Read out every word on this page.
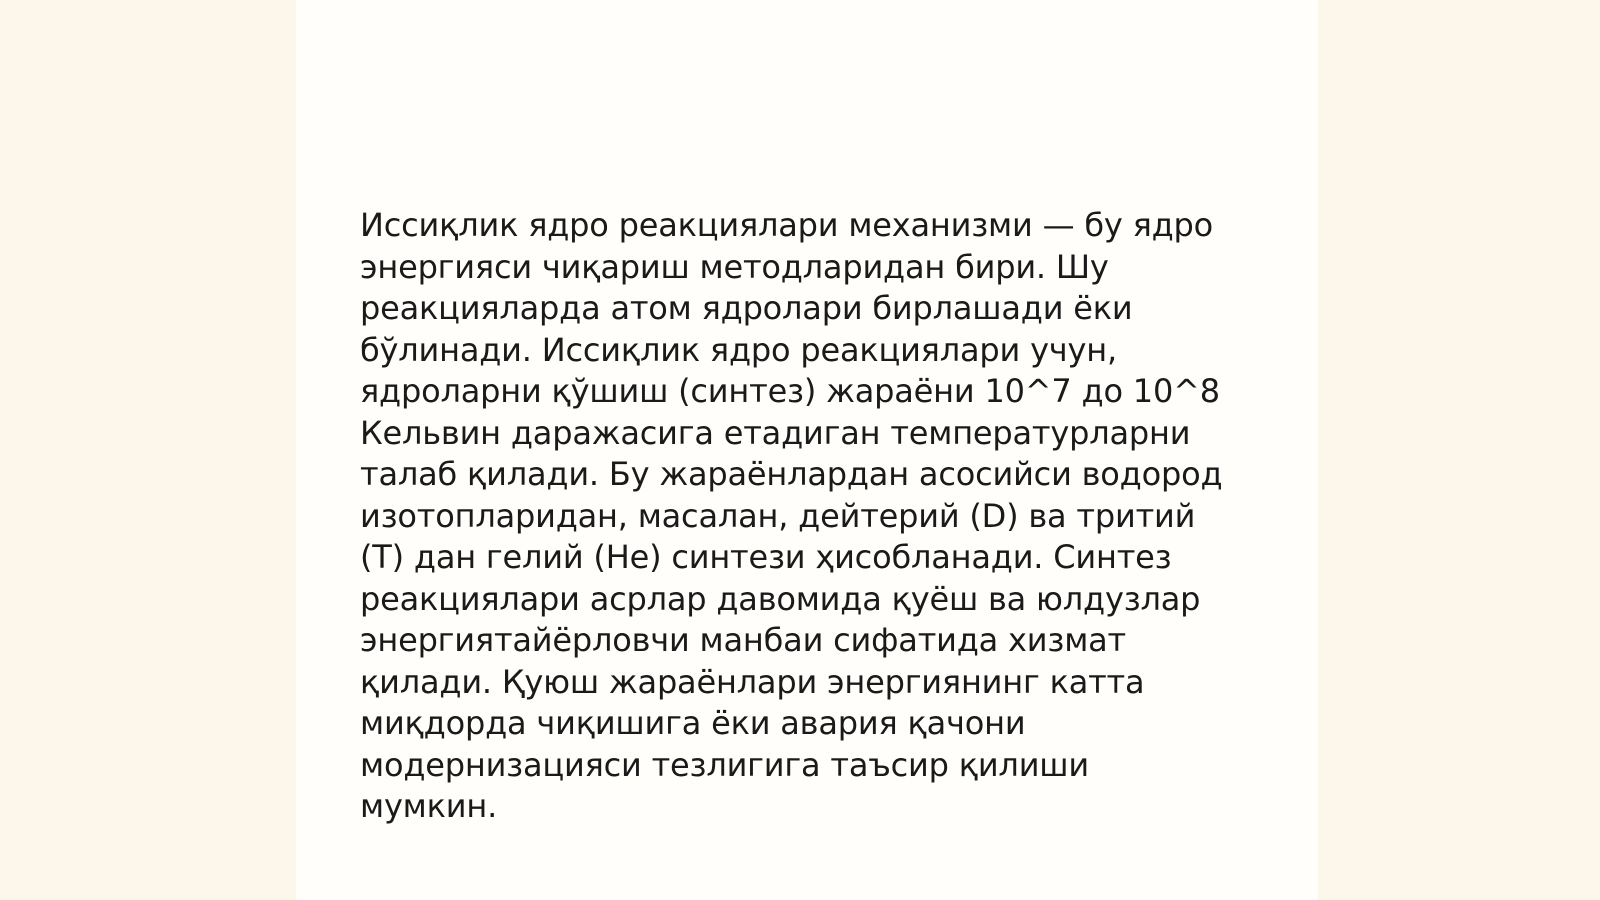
Иссиқлик ядро реакциялари механизми — бу ядро
энергияси чиқариш методларидан бири. Шу
реакцияларда атом ядролари бирлашади ёки
бўлинади. Иссиқлик ядро реакциялари учун,
ядроларни қўшиш (синтез) жараёни 10^7 до 10^8
Кельвин даражасига етадиган температурларни
талаб қилади. Бу жараёнлардан асосийси водород
изотопларидан, масалан, дейтерий (D) ва тритий
(T) дан гелий (He) синтези ҳисобланади. Синтез
реакциялари асрлар давомида қуёш ва юлдузлар
энергиятайёрловчи манбаи сифатида хизмат
қилади. Қуюш жараёнлари энергиянинг катта
миқдорда чиқишига ёки авария қачони
модернизацияси тезлигига таъсир қилиши
мумкин.
